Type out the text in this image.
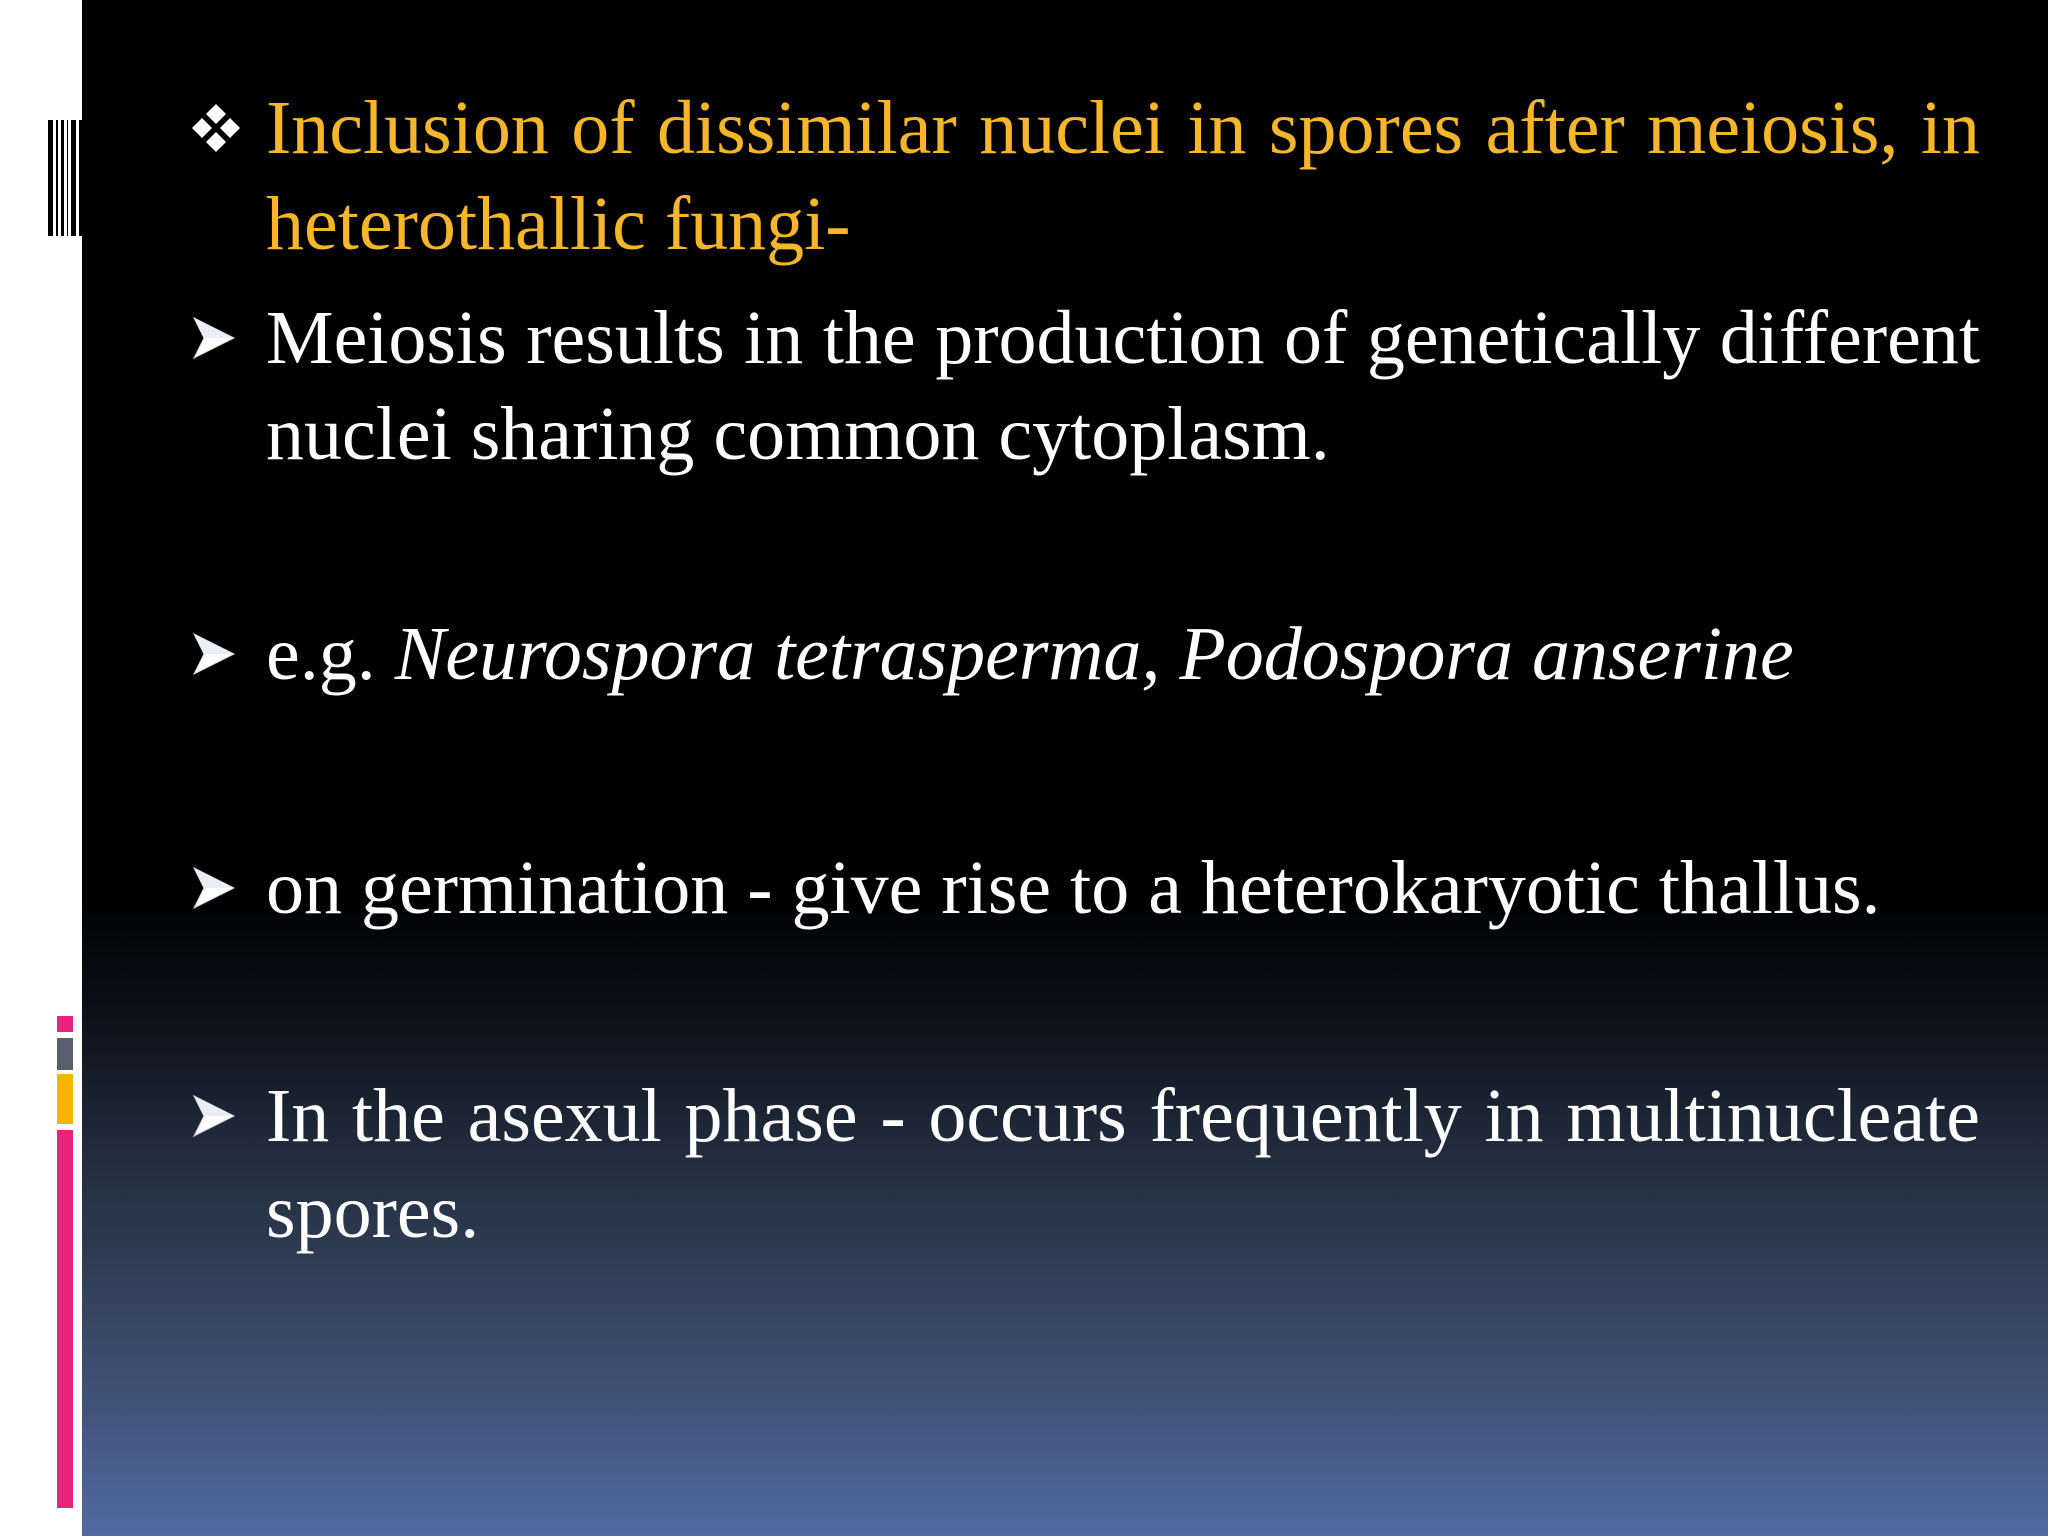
Inclusion of dissimilar nuclei in spores after meiosis, in heterothallic fungi-
Meiosis results in the production of genetically different nuclei sharing common cytoplasm.
e.g. Neurospora tetrasperma, Podospora anserine
on germination - give rise to a heterokaryotic thallus.
In the asexul phase - occurs frequently in multinucleate spores.
